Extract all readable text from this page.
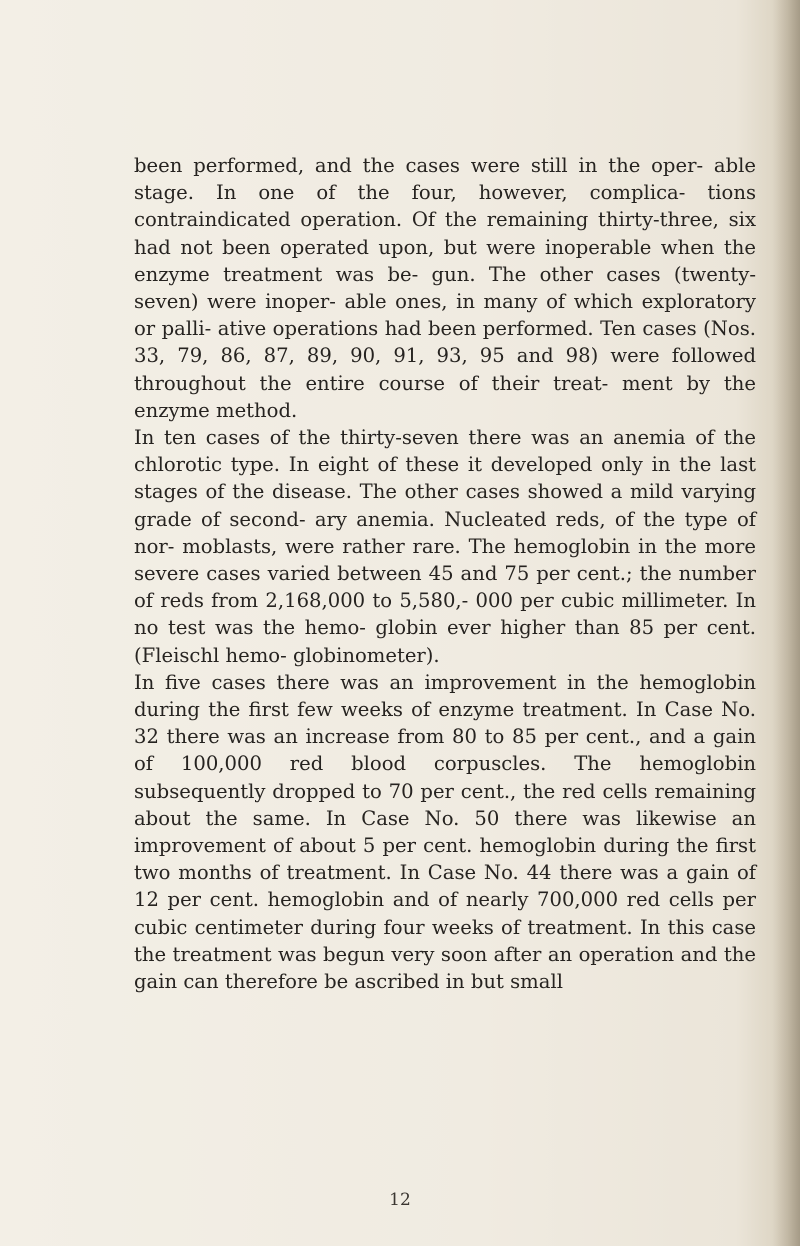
been performed, and the cases were still in the oper- able stage. In one of the four, however, complica- tions contraindicated operation. Of the remaining thirty-three, six had not been operated upon, but were inoperable when the enzyme treatment was be- gun. The other cases (twenty-seven) were inoper- able ones, in many of which exploratory or palli- ative operations had been performed. Ten cases (Nos. 33, 79, 86, 87, 89, 90, 91, 93, 95 and 98) were followed throughout the entire course of their treat- ment by the enzyme method.

In ten cases of the thirty-seven there was an anemia of the chlorotic type. In eight of these it developed only in the last stages of the disease. The other cases showed a mild varying grade of second- ary anemia. Nucleated reds, of the type of nor- moblasts, were rather rare. The hemoglobin in the more severe cases varied between 45 and 75 per cent.; the number of reds from 2,168,000 to 5,580,- 000 per cubic millimeter. In no test was the hemo- globin ever higher than 85 per cent. (Fleischl hemo- globinometer).

In five cases there was an improvement in the hemoglobin during the first few weeks of enzyme treatment. In Case No. 32 there was an increase from 80 to 85 per cent., and a gain of 100,000 red blood corpuscles. The hemoglobin subsequently dropped to 70 per cent., the red cells remaining about the same. In Case No. 50 there was likewise an improvement of about 5 per cent. hemoglobin during the first two months of treatment. In Case No. 44 there was a gain of 12 per cent. hemoglobin and of nearly 700,000 red cells per cubic centimeter during four weeks of treatment. In this case the treatment was begun very soon after an operation and the gain can therefore be ascribed in but small

12
